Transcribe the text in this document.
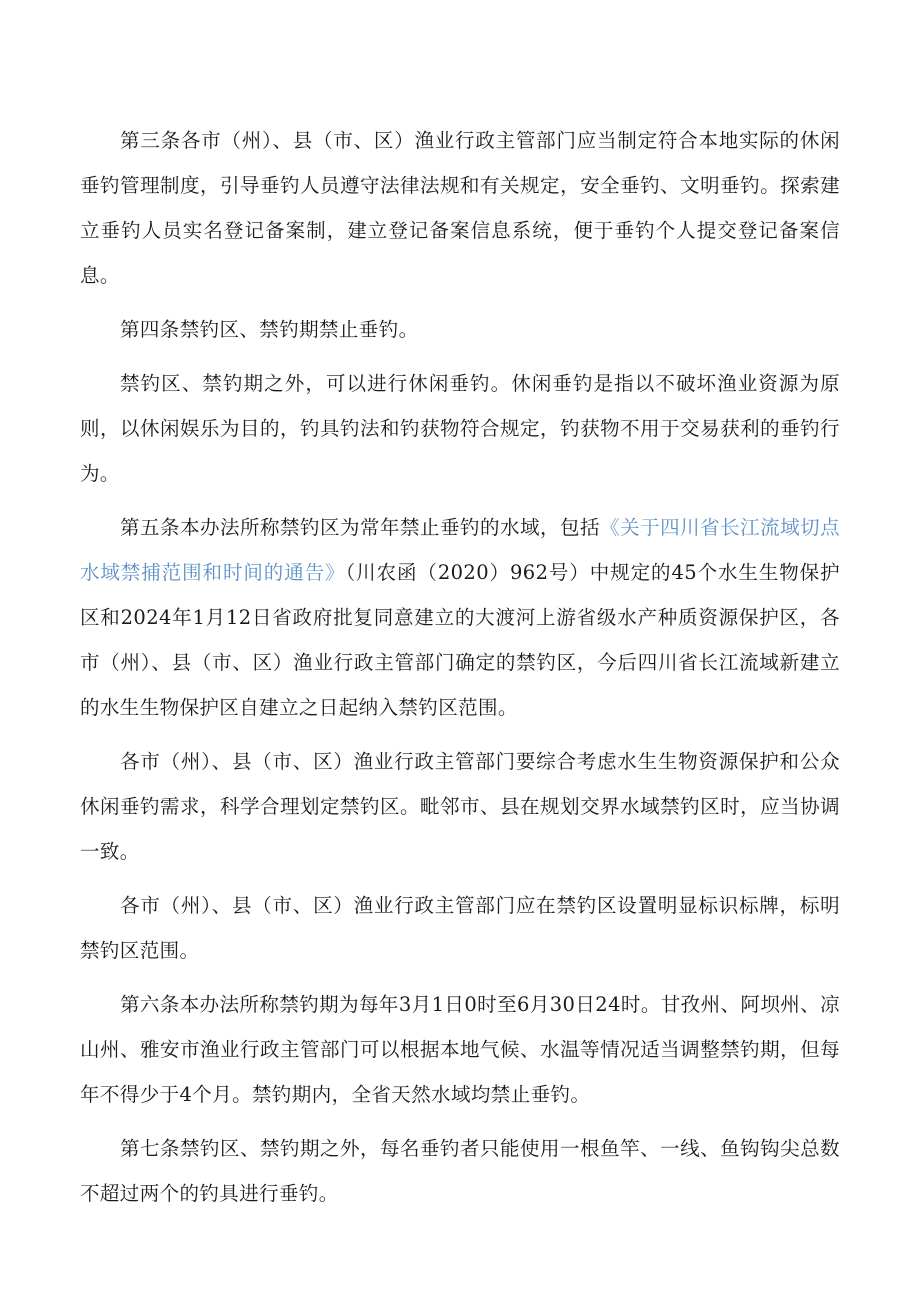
第三条各市（州）、县（市、区）渔业行政主管部门应当制定符合本地实际的休闲垂钓管理制度，引导垂钓人员遵守法律法规和有关规定，安全垂钓、文明垂钓。探索建立垂钓人员实名登记备案制，建立登记备案信息系统，便于垂钓个人提交登记备案信息。

第四条禁钓区、禁钓期禁止垂钓。

禁钓区、禁钓期之外，可以进行休闲垂钓。休闲垂钓是指以不破坏渔业资源为原则，以休闲娱乐为目的，钓具钓法和钓获物符合规定，钓获物不用于交易获利的垂钓行为。

第五条本办法所称禁钓区为常年禁止垂钓的水域，包括《关于四川省长江流域切点水域禁捕范围和时间的通告》（川农函（2020）962号）中规定的45个水生生物保护区和2024年1月12日省政府批复同意建立的大渡河上游省级水产种质资源保护区，各市（州）、县（市、区）渔业行政主管部门确定的禁钓区，今后四川省长江流域新建立的水生生物保护区自建立之日起纳入禁钓区范围。

各市（州）、县（市、区）渔业行政主管部门要综合考虑水生生物资源保护和公众休闲垂钓需求，科学合理划定禁钓区。毗邻市、县在规划交界水域禁钓区时，应当协调一致。

各市（州）、县（市、区）渔业行政主管部门应在禁钓区设置明显标识标牌，标明禁钓区范围。

第六条本办法所称禁钓期为每年3月1日0时至6月30日24时。甘孜州、阿坝州、凉山州、雅安市渔业行政主管部门可以根据本地气候、水温等情况适当调整禁钓期，但每年不得少于4个月。禁钓期内，全省天然水域均禁止垂钓。

第七条禁钓区、禁钓期之外，每名垂钓者只能使用一根鱼竿、一线、鱼钩钩尖总数不超过两个的钓具进行垂钓。
